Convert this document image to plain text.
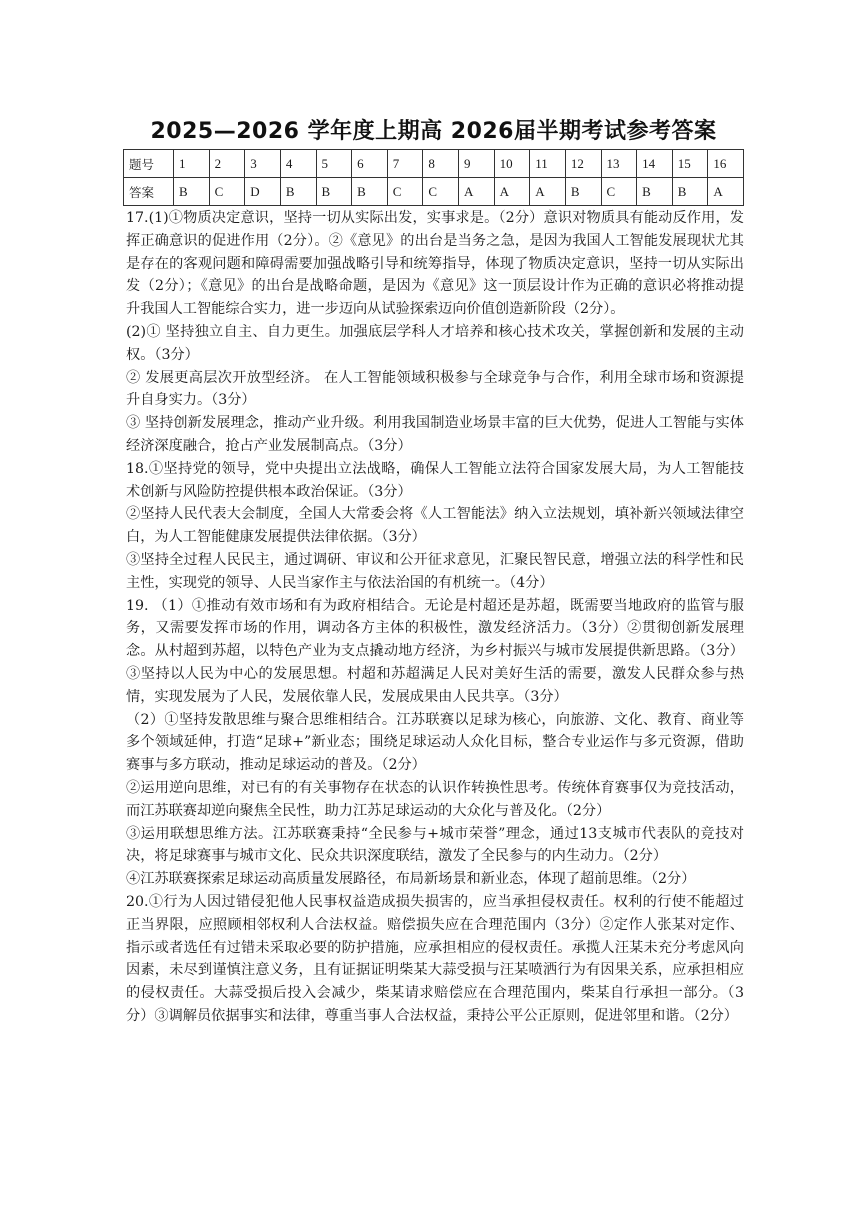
2025—2026 学年度上期高 2026届半期考试参考答案
题号	1	2	3	4	5	6	7	8	9	10	11	12	13	14	15	16
答案	B	C	D	B	B	B	C	C	A	A	A	B	C	B	B	A

17.(1)①物质决定意识，坚持一切从实际出发，实事求是。（2分）意识对物质具有能动反作用，发挥正确意识的促进作用（2分）。②《意见》的出台是当务之急，是因为我国人工智能发展现状尤其是存在的客观问题和障碍需要加强战略引导和统筹指导，体现了物质决定意识，坚持一切从实际出发（2分）；《意见》的出台是战略命题，是因为《意见》这一顶层设计作为正确的意识必将推动提升我国人工智能综合实力，进一步迈向从试验探索迈向价值创造新阶段（2分）。

(2)① 坚持独立自主、自力更生。加强底层学科人才培养和核心技术攻关，掌握创新和发展的主动权。（3分）

② 发展更高层次开放型经济。 在人工智能领域积极参与全球竞争与合作，利用全球市场和资源提升自身实力。（3分）

③ 坚持创新发展理念，推动产业升级。利用我国制造业场景丰富的巨大优势，促进人工智能与实体经济深度融合，抢占产业发展制高点。（3分）

18.①坚持党的领导，党中央提出立法战略，确保人工智能立法符合国家发展大局，为人工智能技术创新与风险防控提供根本政治保证。（3分）

②坚持人民代表大会制度，全国人大常委会将《人工智能法》纳入立法规划，填补新兴领域法律空白，为人工智能健康发展提供法律依据。（3分）

③坚持全过程人民民主，通过调研、审议和公开征求意见，汇聚民智民意，增强立法的科学性和民主性，实现党的领导、人民当家作主与依法治国的有机统一。（4分）

19. （1）①推动有效市场和有为政府相结合。无论是村超还是苏超，既需要当地政府的监管与服务，又需要发挥市场的作用，调动各方主体的积极性，激发经济活力。（3分）②贯彻创新发展理念。从村超到苏超，以特色产业为支点撬动地方经济，为乡村振兴与城市发展提供新思路。（3分）③坚持以人民为中心的发展思想。村超和苏超满足人民对美好生活的需要，激发人民群众参与热情，实现发展为了人民，发展依靠人民，发展成果由人民共享。（3分）

（2）①坚持发散思维与聚合思维相结合。江苏联赛以足球为核心，向旅游、文化、教育、商业等多个领域延伸，打造“足球+”新业态；围绕足球运动人众化目标，整合专业运作与多元资源，借助赛事与多方联动，推动足球运动的普及。（2分）

②运用逆向思维，对已有的有关事物存在状态的认识作转换性思考。传统体育赛事仅为竞技活动，而江苏联赛却逆向聚焦全民性，助力江苏足球运动的大众化与普及化。（2分）

③运用联想思维方法。江苏联赛秉持“全民参与+城市荣誉”理念，通过13支城市代表队的竞技对决，将足球赛事与城市文化、民众共识深度联结，激发了全民参与的内生动力。（2分）

④江苏联赛探索足球运动高质量发展路径，布局新场景和新业态，体现了超前思维。（2分）

20.①行为人因过错侵犯他人民事权益造成损失损害的，应当承担侵权责任。权利的行使不能超过正当界限，应照顾相邻权利人合法权益。赔偿损失应在合理范围内（3分）②定作人张某对定作、指示或者选任有过错未采取必要的防护措施，应承担相应的侵权责任。承揽人汪某未充分考虑风向因素，未尽到谨慎注意义务，且有证据证明柴某大蒜受损与汪某喷洒行为有因果关系，应承担相应的侵权责任。大蒜受损后投入会减少，柴某请求赔偿应在合理范围内，柴某自行承担一部分。（3分）③调解员依据事实和法律，尊重当事人合法权益，秉持公平公正原则，促进邻里和谐。（2分）
